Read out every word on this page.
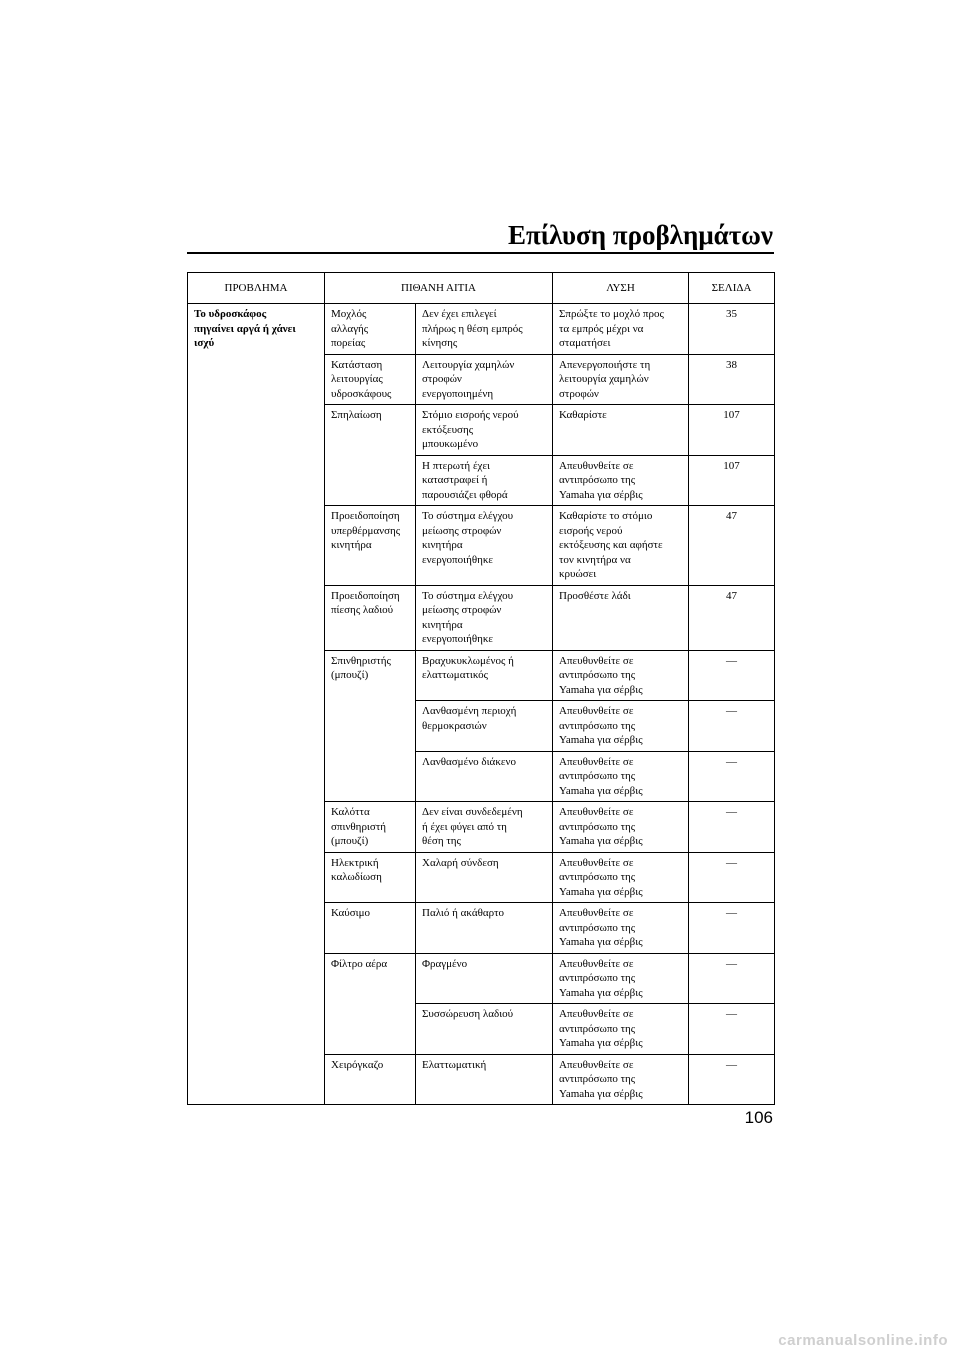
Επίλυση προβλημάτων
ΠΡΟΒΛΗΜΑ	ΠΙΘΑΝΗ ΑΙΤΙΑ		ΛΥΣΗ	ΣΕΛΙΔΑ
Το υδροσκάφος
πηγαίνει αργά ή χάνει
ισχύ	Μοχλός
αλλαγής
πορείας	Δεν έχει επιλεγεί
πλήρως η θέση εμπρός
κίνησης	Σπρώξτε το μοχλό προς
τα εμπρός μέχρι να
σταματήσει	35
	Κατάσταση
λειτουργίας
υδροσκάφους	Λειτουργία χαμηλών
στροφών
ενεργοποιημένη	Απενεργοποιήστε τη
λειτουργία χαμηλών
στροφών	38
	Σπηλαίωση	Στόμιο εισροής νερού
εκτόξευσης
μπουκωμένο	Καθαρίστε	107
		Η πτερωτή έχει
καταστραφεί ή
παρουσιάζει φθορά	Απευθυνθείτε σε
αντιπρόσωπο της
Yamaha για σέρβις	107
	Προειδοποίηση
υπερθέρμανσης
κινητήρα	Το σύστημα ελέγχου
μείωσης στροφών
κινητήρα
ενεργοποιήθηκε	Καθαρίστε το στόμιο
εισροής νερού
εκτόξευσης και αφήστε
τον κινητήρα να
κρυώσει	47
	Προειδοποίηση
πίεσης λαδιού	Το σύστημα ελέγχου
μείωσης στροφών
κινητήρα
ενεργοποιήθηκε	Προσθέστε λάδι	47
	Σπινθηριστής
(μπουζί)	Βραχυκυκλωμένος ή
ελαττωματικός	Απευθυνθείτε σε
αντιπρόσωπο της
Yamaha για σέρβις	—
		Λανθασμένη περιοχή
θερμοκρασιών	Απευθυνθείτε σε
αντιπρόσωπο της
Yamaha για σέρβις	—
		Λανθασμένο διάκενο	Απευθυνθείτε σε
αντιπρόσωπο της
Yamaha για σέρβις	—
	Καλόττα
σπινθηριστή
(μπουζί)	Δεν είναι συνδεδεμένη
ή έχει φύγει από τη
θέση της	Απευθυνθείτε σε
αντιπρόσωπο της
Yamaha για σέρβις	—
	Ηλεκτρική
καλωδίωση	Χαλαρή σύνδεση	Απευθυνθείτε σε
αντιπρόσωπο της
Yamaha για σέρβις	—
	Καύσιμο	Παλιό ή ακάθαρτο	Απευθυνθείτε σε
αντιπρόσωπο της
Yamaha για σέρβις	—
	Φίλτρο αέρα	Φραγμένο	Απευθυνθείτε σε
αντιπρόσωπο της
Yamaha για σέρβις	—
		Συσσώρευση λαδιού	Απευθυνθείτε σε
αντιπρόσωπο της
Yamaha για σέρβις	—
	Χειρόγκαζο	Ελαττωματική	Απευθυνθείτε σε
αντιπρόσωπο της
Yamaha για σέρβις	—
106
carmanualsonline.info
